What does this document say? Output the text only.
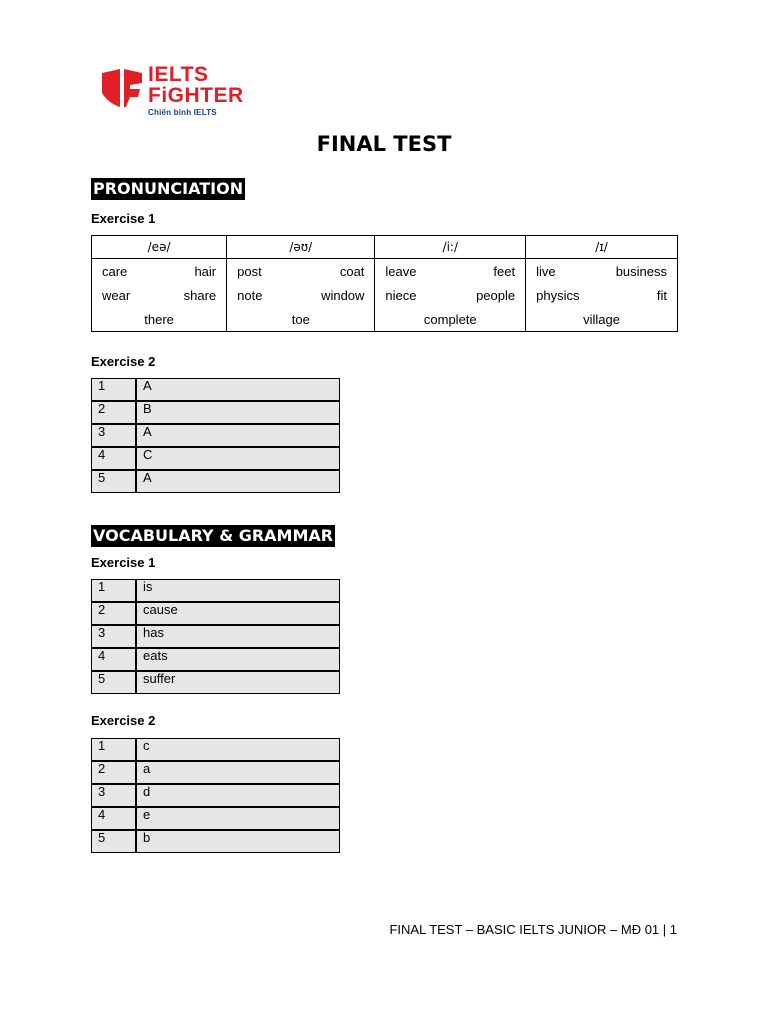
IELTS
FiGHTER
Chiến binh IELTS
FINAL TEST
PRONUNCIATION
Exercise 1
/eə/	/əʊ/	/i:/	/ɪ/

care hair	post coat	leave feet	live business

wear share	note window	niece people	physics fit

there	toe	complete	village
Exercise 2
1	A
2	B
3	A
4	C
5	A
VOCABULARY & GRAMMAR
Exercise 1
1	is
2	cause
3	has
4	eats
5	suffer
Exercise 2
1	c
2	a
3	d
4	e
5	b
FINAL TEST – BASIC IELTS JUNIOR – MĐ 01 | 1
